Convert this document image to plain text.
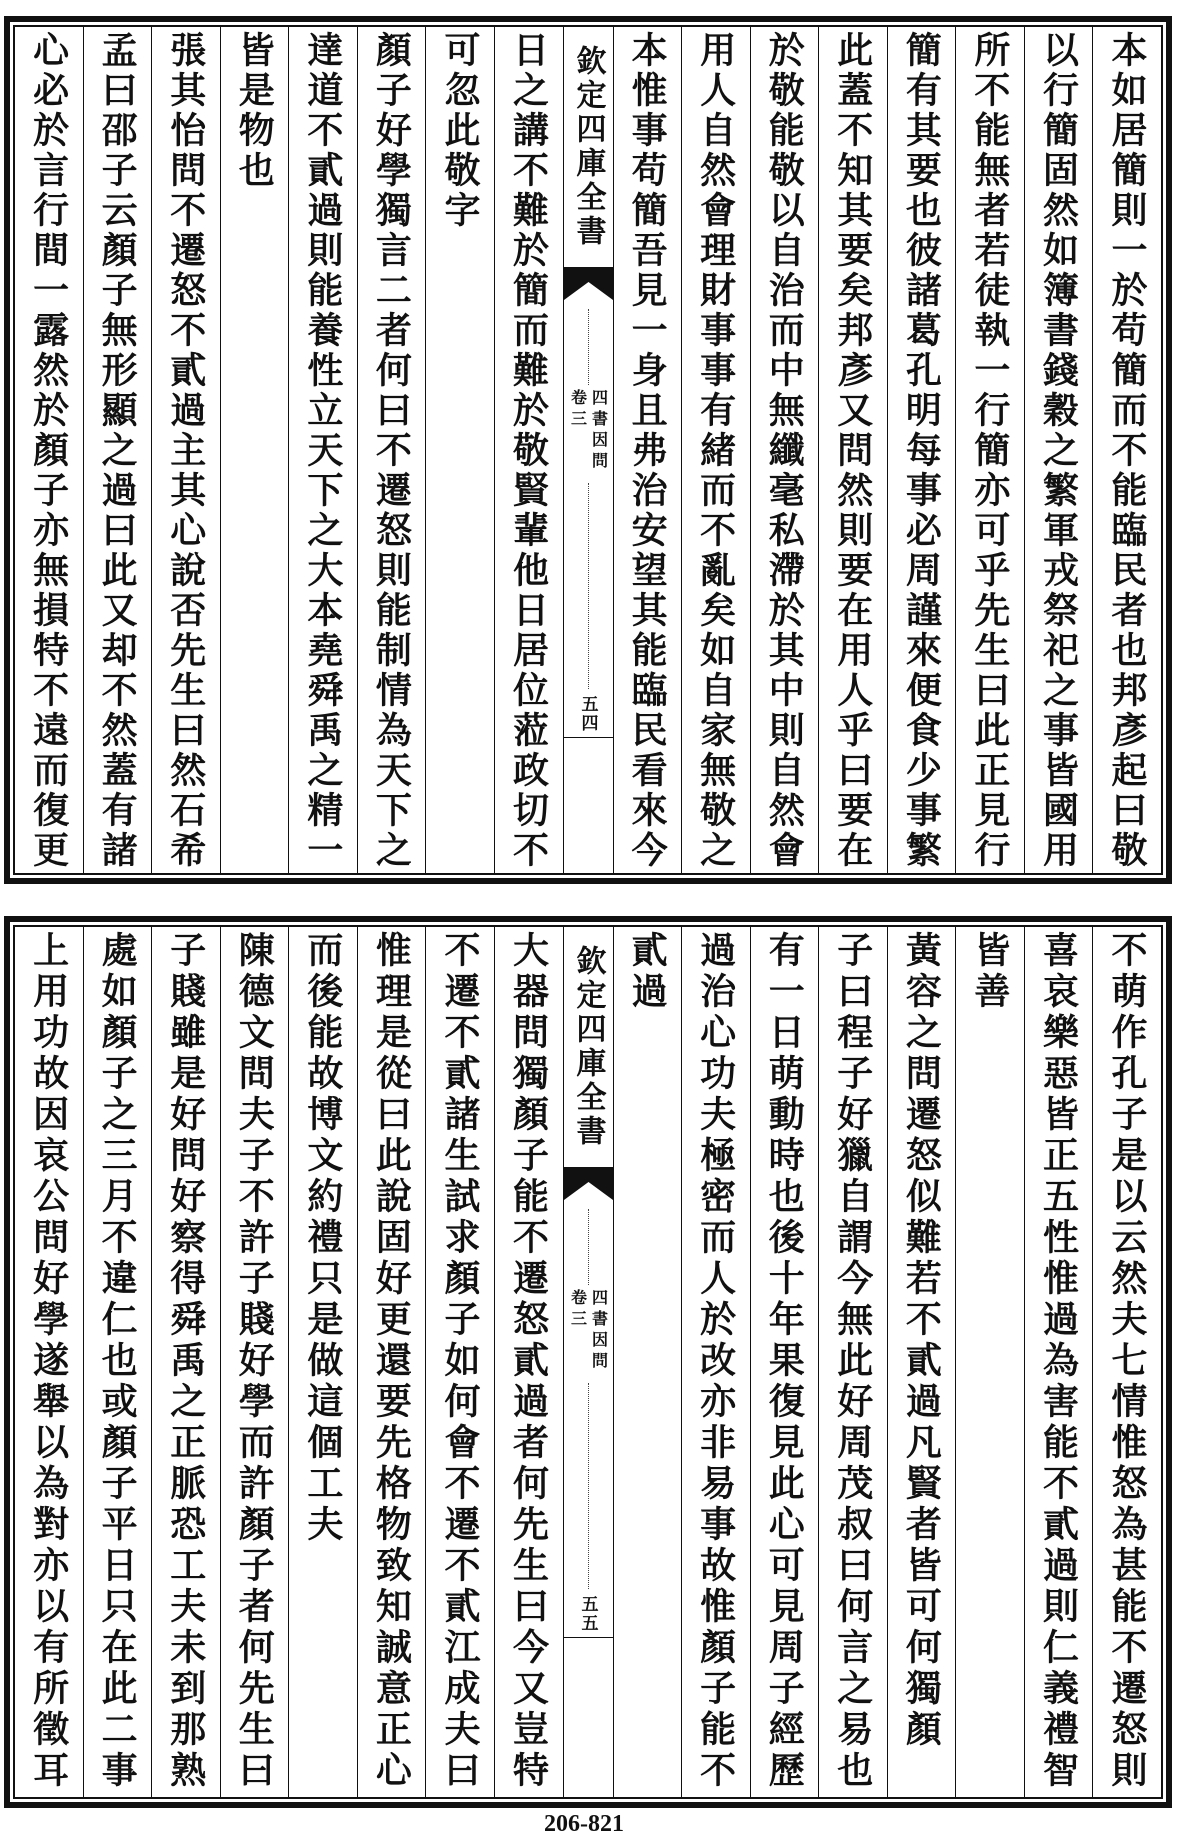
本如居簡則一於苟簡而不能臨民者也邦彥起曰敬
以行簡固然如簿書錢穀之繁軍戎祭祀之事皆國用
所不能無者若徒執一行簡亦可乎先生曰此正見行
簡有其要也彼諸葛孔明每事必周謹來便食少事繁
此蓋不知其要矣邦彥又問然則要在用人乎曰要在
於敬能敬以自治而中無纖毫私滯於其中則自然會
用人自然會理財事事有緒而不亂矣如自家無敬之
本惟事苟簡吾見一身且弗治安望其能臨民看來今
欽定四庫全書
四書因問
卷三
五四
日之講不難於簡而難於敬賢輩他日居位蒞政切不
可忽此敬字
顏子好學獨言二者何曰不遷怒則能制情為天下之
達道不貳過則能養性立天下之大本堯舜禹之精一
皆是物也
張其怡問不遷怒不貳過主其心說否先生曰然石希
孟曰邵子云顏子無形顯之過曰此又却不然蓋有諸
心必於言行間一露然於顏子亦無損特不遠而復更
不萌作孔子是以云然夫七情惟怒為甚能不遷怒則
喜哀樂惡皆正五性惟過為害能不貳過則仁義禮智
皆善
黃容之問遷怒似難若不貳過凡賢者皆可何獨顏
子曰程子好獵自謂今無此好周茂叔曰何言之易也
有一日萌動時也後十年果復見此心可見周子經歷
過治心功夫極密而人於改亦非易事故惟顏子能不
貳過
欽定四庫全書
四書因問
卷三
五五
大器問獨顏子能不遷怒貳過者何先生曰今又豈特
不遷不貳諸生試求顏子如何會不遷不貳江成夫曰
惟理是從曰此說固好更還要先格物致知誠意正心
而後能故博文約禮只是做這個工夫
陳德文問夫子不許子賤好學而許顏子者何先生曰
子賤雖是好問好察得舜禹之正脈恐工夫未到那熟
處如顏子之三月不違仁也或顏子平日只在此二事
上用功故因哀公問好學遂舉以為對亦以有所徵耳
206-821
